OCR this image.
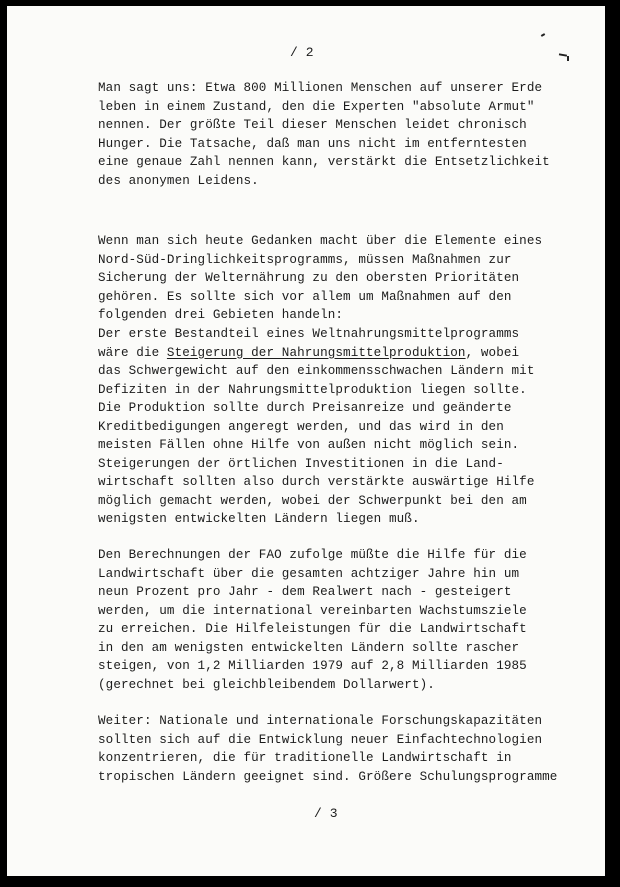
/ 2
Man sagt uns: Etwa 800 Millionen Menschen auf unserer Erde
leben in einem Zustand, den die Experten "absolute Armut"
nennen. Der größte Teil dieser Menschen leidet chronisch
Hunger. Die Tatsache, daß man uns nicht im entferntesten
eine genaue Zahl nennen kann, verstärkt die Entsetzlichkeit
des anonymen Leidens.
Wenn man sich heute Gedanken macht über die Elemente eines
Nord-Süd-Dringlichkeitsprogramms, müssen Maßnahmen zur
Sicherung der Welternährung zu den obersten Prioritäten
gehören. Es sollte sich vor allem um Maßnahmen auf den
folgenden drei Gebieten handeln:
Der erste Bestandteil eines Weltnahrungsmittelprogramms
wäre die Steigerung der Nahrungsmittelproduktion, wobei
das Schwergewicht auf den einkommensschwachen Ländern mit
Defiziten in der Nahrungsmittelproduktion liegen sollte.
Die Produktion sollte durch Preisanreize und geänderte
Kreditbedigungen angeregt werden, und das wird in den
meisten Fällen ohne Hilfe von außen nicht möglich sein.
Steigerungen der örtlichen Investitionen in die Land-
wirtschaft sollten also durch verstärkte auswärtige Hilfe
möglich gemacht werden, wobei der Schwerpunkt bei den am
wenigsten entwickelten Ländern liegen muß.
Den Berechnungen der FAO zufolge müßte die Hilfe für die
Landwirtschaft über die gesamten achtziger Jahre hin um
neun Prozent pro Jahr - dem Realwert nach - gesteigert
werden, um die international vereinbarten Wachstumsziele
zu erreichen. Die Hilfeleistungen für die Landwirtschaft
in den am wenigsten entwickelten Ländern sollte rascher
steigen, von 1,2 Milliarden 1979 auf 2,8 Milliarden 1985
(gerechnet bei gleichbleibendem Dollarwert).
Weiter: Nationale und internationale Forschungskapazitäten
sollten sich auf die Entwicklung neuer Einfachtechnologien
konzentrieren, die für traditionelle Landwirtschaft in
tropischen Ländern geeignet sind. Größere Schulungsprogramme
/ 3
